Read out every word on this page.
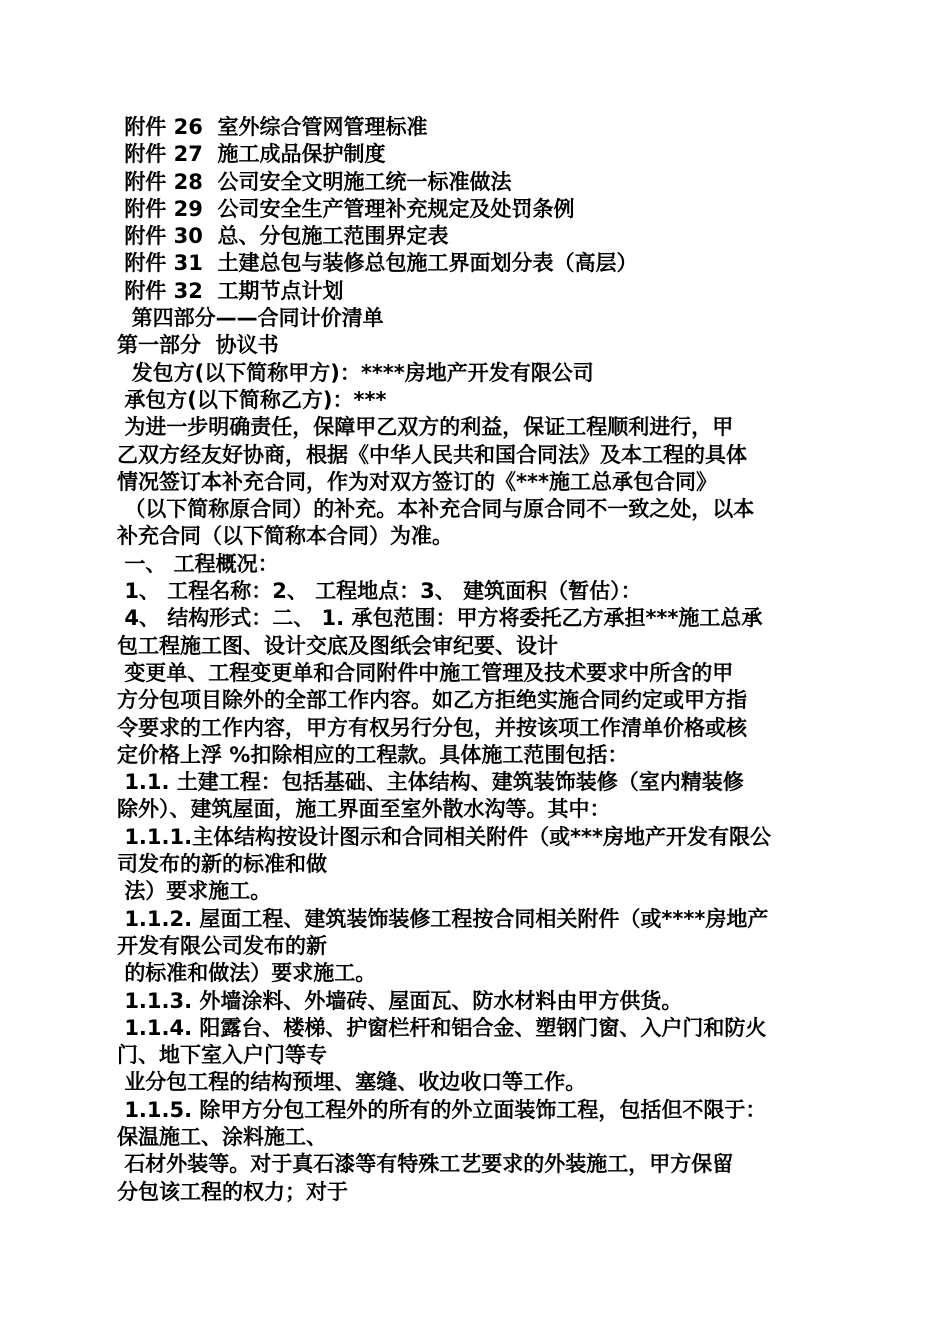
附件 26  室外综合管网管理标准
附件 27  施工成品保护制度
附件 28  公司安全文明施工统一标准做法
附件 29  公司安全生产管理补充规定及处罚条例
附件 30  总、分包施工范围界定表
附件 31  土建总包与装修总包施工界面划分表（高层）
附件 32  工期节点计划
第四部分——合同计价清单
第一部分  协议书
发包方(以下简称甲方)：****房地产开发有限公司
承包方(以下简称乙方)：***
为进一步明确责任，保障甲乙双方的利益，保证工程顺利进行，甲
乙双方经友好协商，根据《中华人民共和国合同法》及本工程的具体
情况签订本补充合同，作为对双方签订的《***施工总承包合同》
（以下简称原合同）的补充。本补充合同与原合同不一致之处，以本
补充合同（以下简称本合同）为准。
一、 工程概况：
1、 工程名称：2、 工程地点：3、 建筑面积（暂估）：
4、 结构形式：二、 1. 承包范围：甲方将委托乙方承担***施工总承
包工程施工图、设计交底及图纸会审纪要、设计
变更单、工程变更单和合同附件中施工管理及技术要求中所含的甲
方分包项目除外的全部工作内容。如乙方拒绝实施合同约定或甲方指
令要求的工作内容，甲方有权另行分包，并按该项工作清单价格或核
定价格上浮 %扣除相应的工程款。具体施工范围包括：
1.1. 土建工程：包括基础、主体结构、建筑装饰装修（室内精装修
除外）、建筑屋面，施工界面至室外散水沟等。其中：
1.1.1.主体结构按设计图示和合同相关附件（或***房地产开发有限公
司发布的新的标准和做
法）要求施工。
1.1.2. 屋面工程、建筑装饰装修工程按合同相关附件（或****房地产
开发有限公司发布的新
的标准和做法）要求施工。
1.1.3. 外墙涂料、外墙砖、屋面瓦、防水材料由甲方供货。
1.1.4. 阳露台、楼梯、护窗栏杆和铝合金、塑钢门窗、入户门和防火
门、地下室入户门等专
业分包工程的结构预埋、塞缝、收边收口等工作。
1.1.5. 除甲方分包工程外的所有的外立面装饰工程，包括但不限于：
保温施工、涂料施工、
石材外装等。对于真石漆等有特殊工艺要求的外装施工，甲方保留
分包该工程的权力；对于
